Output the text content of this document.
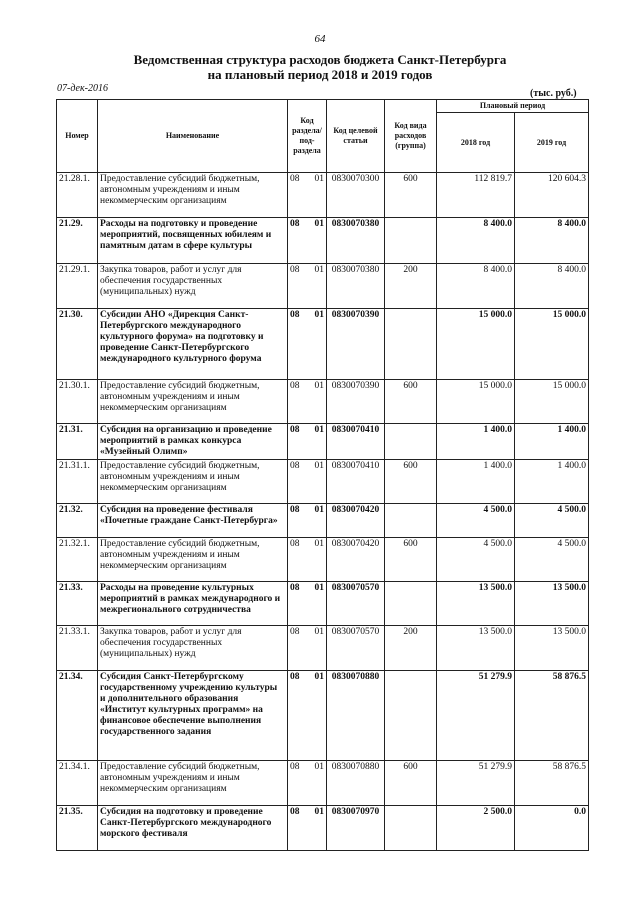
64
Ведомственная структура расходов бюджета Санкт-Петербурга
на плановый период 2018 и 2019 годов
07-дек-2016	(тыс. руб.)
Номер	Наименование	Код раздела/ под-раздела		Код целевой статьи	Код вида расходов (группа)	Плановый период	
						2018 год	2019 год
21.28.1.	Предоставление субсидий бюджетным, автономным учреждениям и иным некоммерческим организациям	08	01	0830070300	600	112 819.7	120 604.3
21.29.	Расходы на подготовку и проведение мероприятий, посвященных юбилеям и памятным датам в сфере культуры	08	01	0830070380		8 400.0	8 400.0
21.29.1.	Закупка товаров, работ и услуг для обеспечения государственных (муниципальных) нужд	08	01	0830070380	200	8 400.0	8 400.0
21.30.	Субсидии АНО «Дирекция Санкт-Петербургского международного культурного форума» на подготовку и проведение Санкт-Петербургского международного культурного форума	08	01	0830070390		15 000.0	15 000.0
21.30.1.	Предоставление субсидий бюджетным, автономным учреждениям и иным некоммерческим организациям	08	01	0830070390	600	15 000.0	15 000.0
21.31.	Субсидия на организацию и проведение мероприятий в рамках конкурса «Музейный Олимп»	08	01	0830070410		1 400.0	1 400.0
21.31.1.	Предоставление субсидий бюджетным, автономным учреждениям и иным некоммерческим организациям	08	01	0830070410	600	1 400.0	1 400.0
21.32.	Субсидия на проведение фестиваля «Почетные граждане Санкт-Петербурга»	08	01	0830070420		4 500.0	4 500.0
21.32.1.	Предоставление субсидий бюджетным, автономным учреждениям и иным некоммерческим организациям	08	01	0830070420	600	4 500.0	4 500.0
21.33.	Расходы на проведение культурных мероприятий в рамках международного и межрегионального сотрудничества	08	01	0830070570		13 500.0	13 500.0
21.33.1.	Закупка товаров, работ и услуг для обеспечения государственных (муниципальных) нужд	08	01	0830070570	200	13 500.0	13 500.0
21.34.	Субсидия Санкт-Петербургскому государственному учреждению культуры и дополнительного образования «Институт культурных программ» на финансовое обеспечение выполнения государственного задания	08	01	0830070880		51 279.9	58 876.5
21.34.1.	Предоставление субсидий бюджетным, автономным учреждениям и иным некоммерческим организациям	08	01	0830070880	600	51 279.9	58 876.5
21.35.	Субсидия на подготовку и проведение Санкт-Петербургского международного морского фестиваля	08	01	0830070970		2 500.0	0.0
